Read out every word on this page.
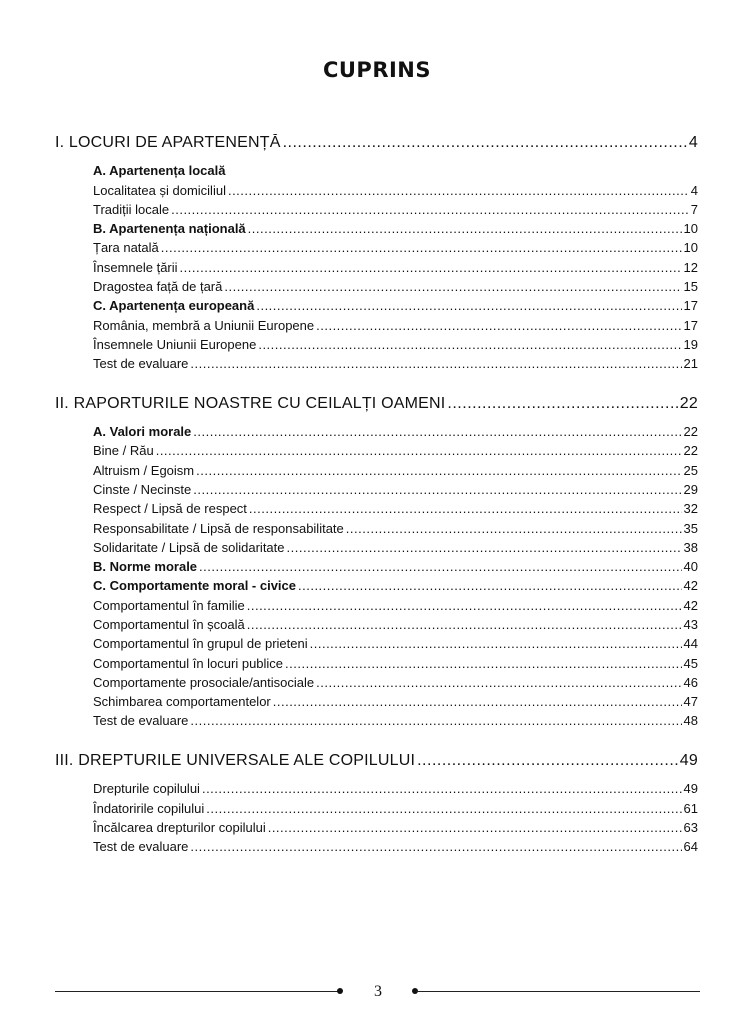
CUPRINS
I. LOCURI DE APARTENENȚĂ .....	4
A. Apartenența locală
Localitatea și domiciliul .....	4
Tradiții locale .....	7
B. Apartenența națională .....	10
Țara natală .....	10
Însemnele țării .....	12
Dragostea față de țară .....	15
C. Apartenența europeană .....	17
România, membră a Uniunii Europene .....	17
Însemnele Uniunii Europene .....	19
Test de evaluare .....	21
II. RAPORTURILE NOASTRE CU CEILALȚI OAMENI .....	22
A. Valori morale .....	22
Bine / Rău .....	22
Altruism / Egoism .....	25
Cinste / Necinste .....	29
Respect / Lipsă de respect .....	32
Responsabilitate / Lipsă de responsabilitate .....	35
Solidaritate / Lipsă de solidaritate .....	38
B. Norme morale .....	40
C. Comportamente moral - civice .....	42
Comportamentul în familie .....	42
Comportamentul în școală .....	43
Comportamentul în grupul de prieteni .....	44
Comportamentul în locuri publice .....	45
Comportamente prosociale/antisociale .....	46
Schimbarea comportamentelor .....	47
Test de evaluare .....	48
III. DREPTURILE UNIVERSALE ALE COPILULUI .....	49
Drepturile copilului .....	49
Îndatoririle copilului .....	61
Încălcarea drepturilor copilului .....	63
Test de evaluare .....	64
3
